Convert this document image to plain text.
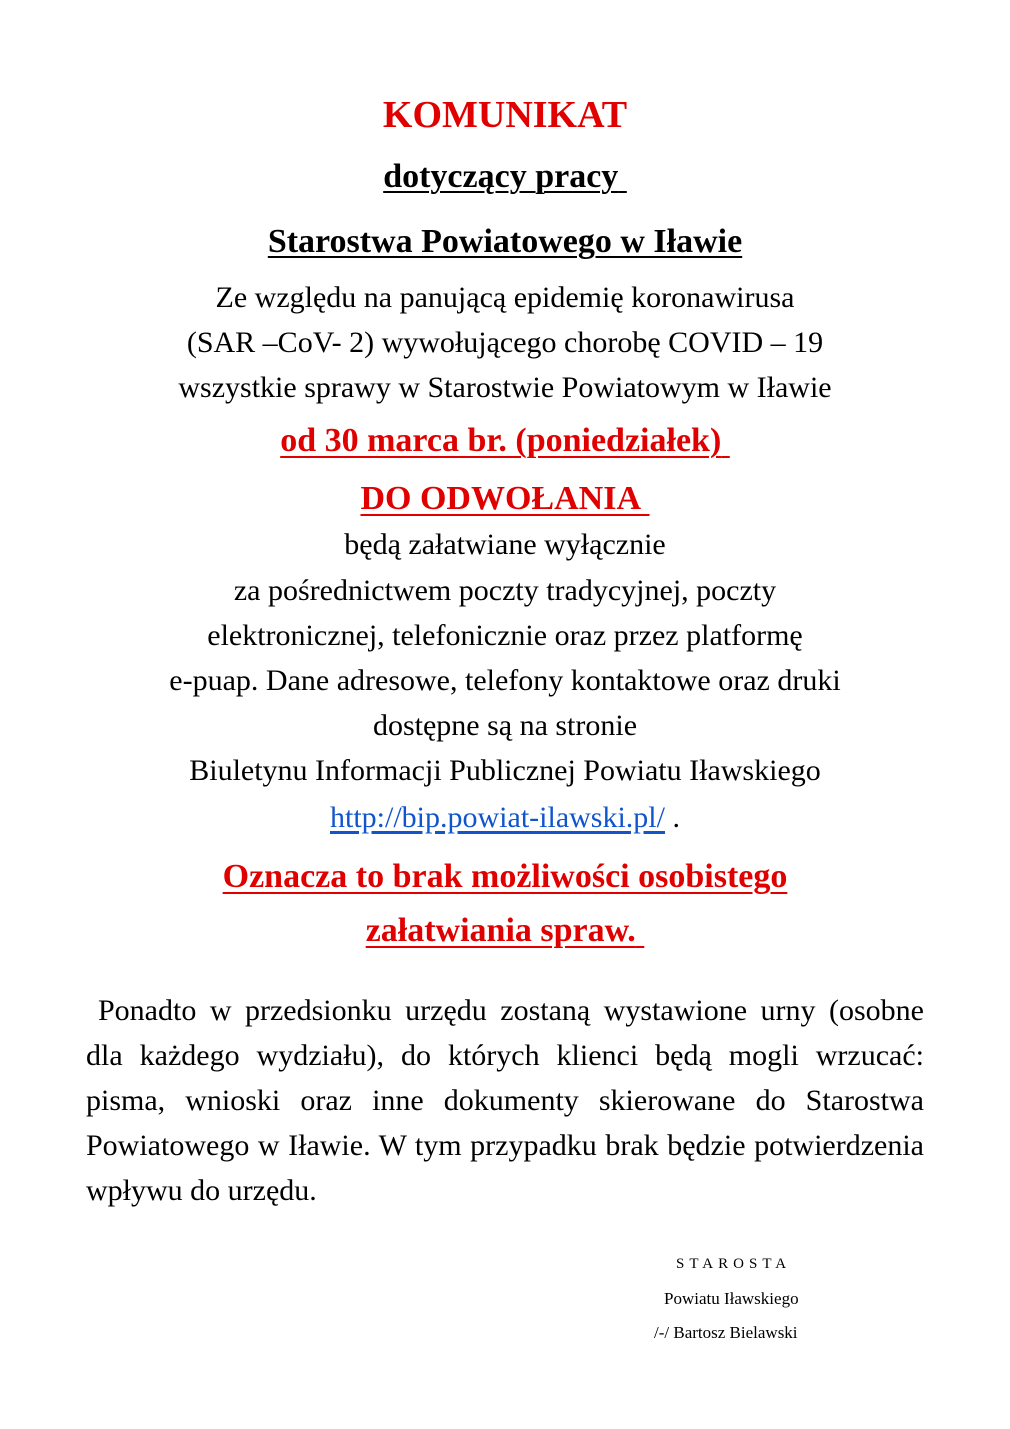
KOMUNIKAT
dotyczący pracy
Starostwa Powiatowego w Iławie
Ze względu na panującą epidemię koronawirusa
(SAR –CoV- 2) wywołującego chorobę COVID – 19
wszystkie sprawy w Starostwie Powiatowym w Iławie
od 30 marca br. (poniedziałek)
DO ODWOŁANIA
będą załatwiane wyłącznie
za pośrednictwem poczty tradycyjnej, poczty
elektronicznej, telefonicznie oraz przez platformę
e-puap. Dane adresowe, telefony kontaktowe oraz druki
dostępne są na stronie
Biuletynu Informacji Publicznej Powiatu Iławskiego
http://bip.powiat-ilawski.pl/ .
Oznacza to brak możliwości osobistego
załatwiania spraw.

Ponadto w przedsionku urzędu zostaną wystawione urny (osobne dla każdego wydziału), do których klienci będą mogli wrzucać: pisma, wnioski oraz inne dokumenty skierowane do Starostwa Powiatowego w Iławie. W tym przypadku brak będzie potwierdzenia wpływu do urzędu.

STAROSTA
Powiatu Iławskiego
/-/ Bartosz Bielawski
